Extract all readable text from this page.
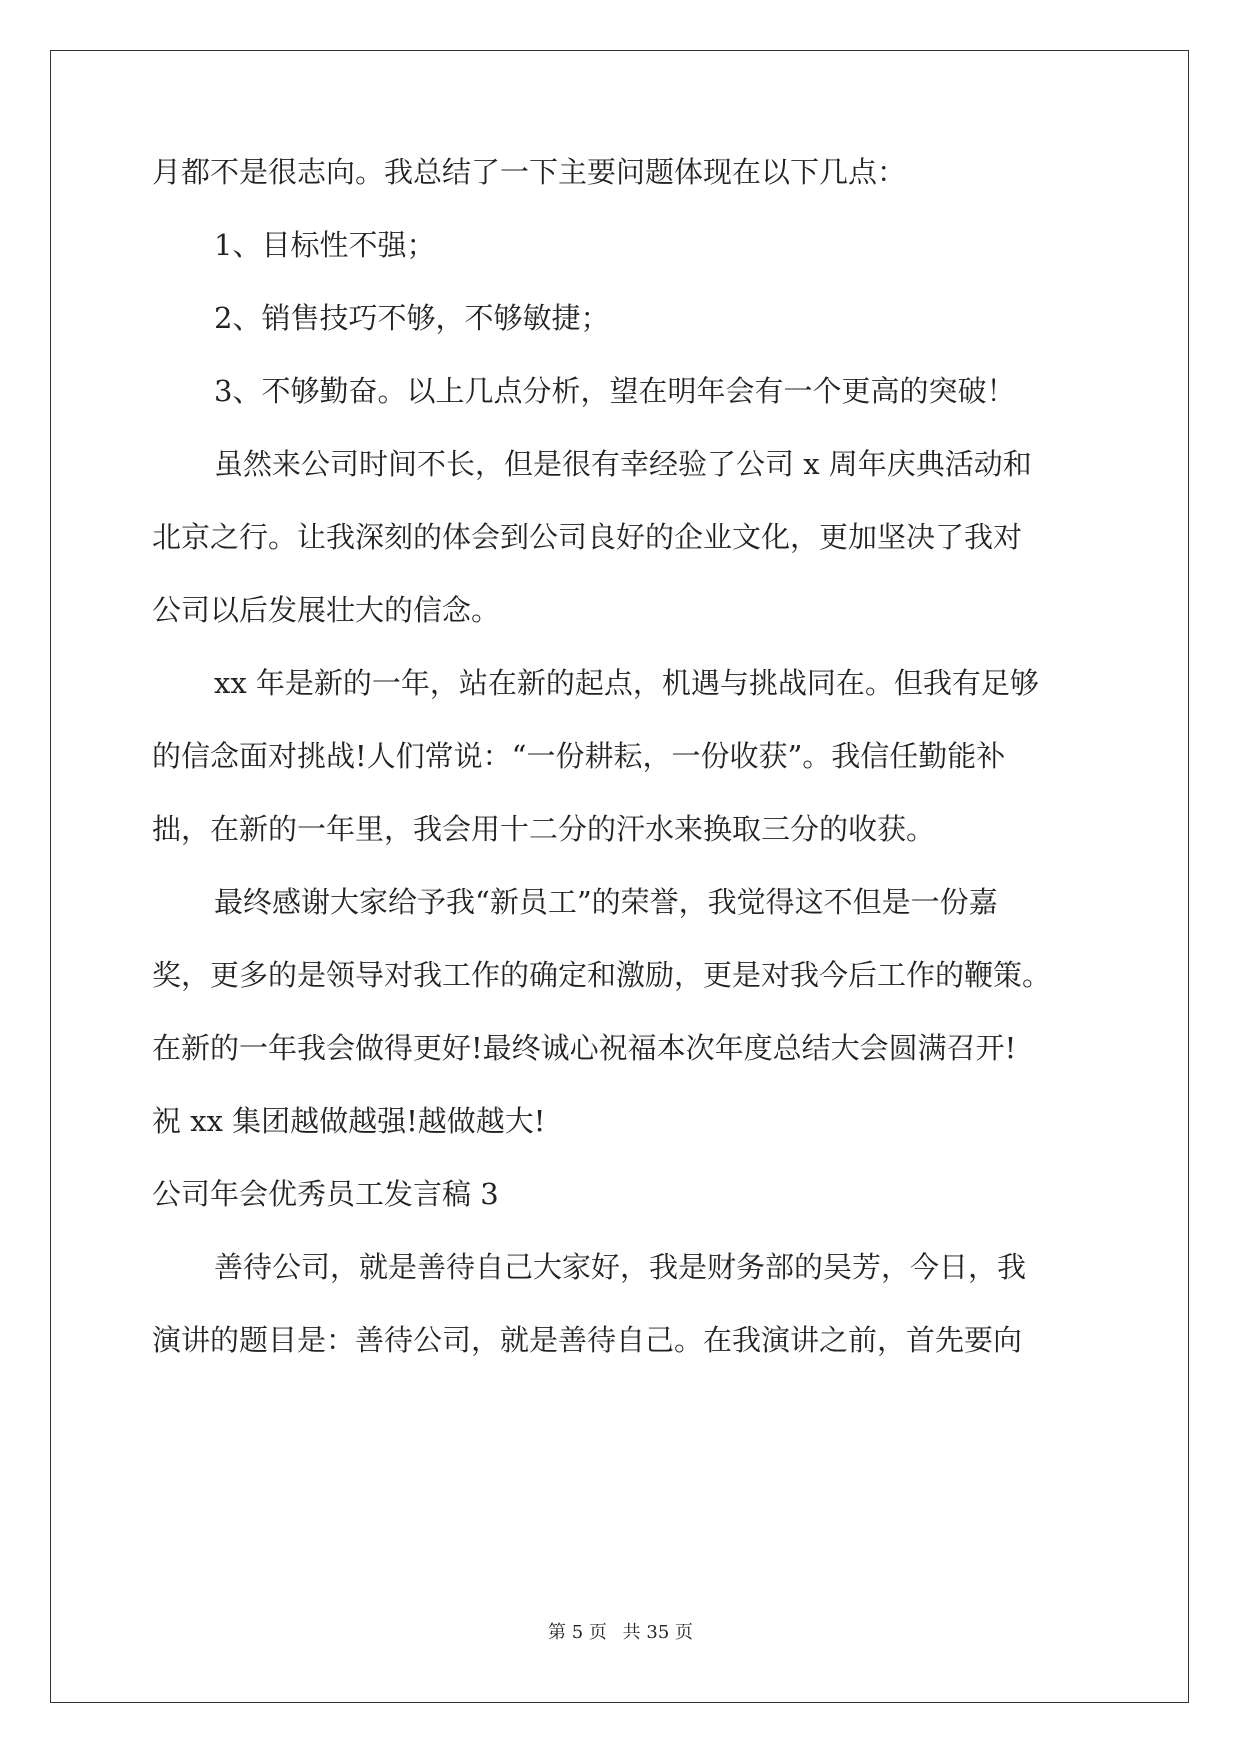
月都不是很志向。我总结了一下主要问题体现在以下几点：

1、目标性不强；

2、销售技巧不够，不够敏捷；

3、不够勤奋。以上几点分析，望在明年会有一个更高的突破！

虽然来公司时间不长，但是很有幸经验了公司 x 周年庆典活动和

北京之行。让我深刻的体会到公司良好的企业文化，更加坚决了我对

公司以后发展壮大的信念。

xx 年是新的一年，站在新的起点，机遇与挑战同在。但我有足够

的信念面对挑战!人们常说：“一份耕耘，一份收获”。我信任勤能补

拙，在新的一年里，我会用十二分的汗水来换取三分的收获。

最终感谢大家给予我“新员工”的荣誉，我觉得这不但是一份嘉

奖，更多的是领导对我工作的确定和激励，更是对我今后工作的鞭策。

在新的一年我会做得更好!最终诚心祝福本次年度总结大会圆满召开!

祝 xx 集团越做越强!越做越大!

公司年会优秀员工发言稿 3

善待公司，就是善待自己大家好，我是财务部的吴芳，今日，我

演讲的题目是：善待公司，就是善待自己。在我演讲之前，首先要向

第 5 页 共 35 页
